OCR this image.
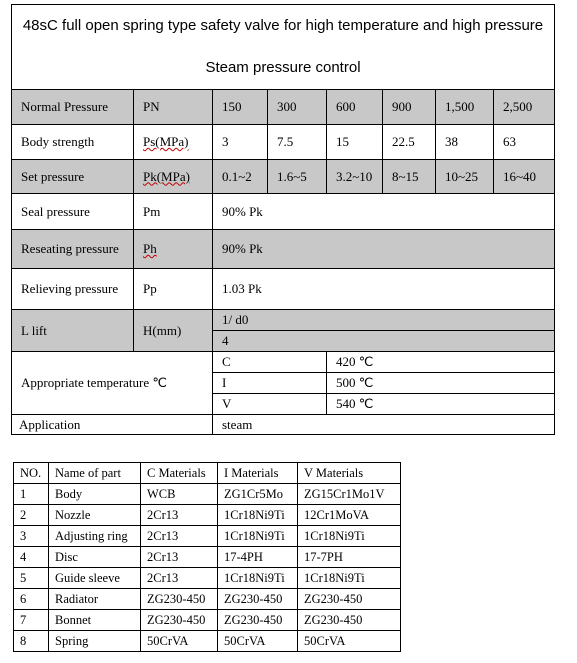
48sC full open spring type safety valve for high temperature and high pressure Steam pressure control							
Normal Pressure	PN	150	300	600	900	1,500	2,500
Body strength	Ps(MPa)	3	7.5	15	22.5	38	63
Set pressure	Pk(MPa)	0.1~2	1.6~5	3.2~10	8~15	10~25	16~40
Seal pressure	Pm	90% Pk					
Reseating pressure	Ph	90% Pk					
Relieving pressure	Pp	1.03 Pk					
L lift	H(mm)	1/ d0					
		4					
Appropriate temperature ℃		C		420 ℃			
		I		500 ℃			
		V		540 ℃			
Application		steam					
NO.	Name of part	C Materials	I Materials	V Materials
1	Body	WCB	ZG1Cr5Mo	ZG15Cr1Mo1V
2	Nozzle	2Cr13	1Cr18Ni9Ti	12Cr1MoVA
3	Adjusting ring	2Cr13	1Cr18Ni9Ti	1Cr18Ni9Ti
4	Disc	2Cr13	17-4PH	17-7PH
5	Guide sleeve	2Cr13	1Cr18Ni9Ti	1Cr18Ni9Ti
6	Radiator	ZG230-450	ZG230-450	ZG230-450
7	Bonnet	ZG230-450	ZG230-450	ZG230-450
8	Spring	50CrVA	50CrVA	50CrVA
